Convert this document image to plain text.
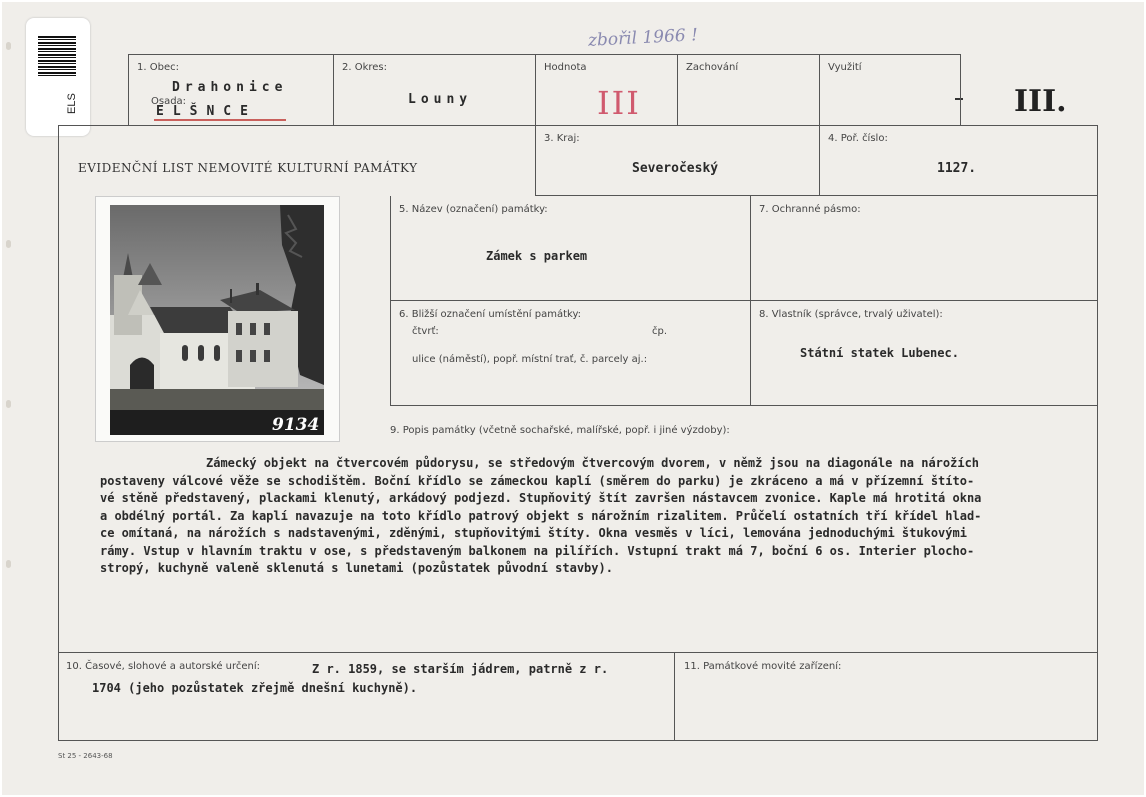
ELS
zbořil 1966 !
III.
1. Obec:
Drahonice
Osada:
ELŠNCE
2. Okres:
Louny
Hodnota
III
Zachování	Využití
EVIDENČNÍ LIST NEMOVITÉ KULTURNÍ PAMÁTKY
3. Kraj:
Severočeský
4. Poř. číslo:
1127.
9134
5. Název (označení) památky:
Zámek s parkem
7. Ochranné pásmo:
6. Bližší označení umístění památky:
čtvrť:	čp.
ulice (náměstí), popř. místní trať, č. parcely aj.:
8. Vlastník (správce, trvalý uživatel):
Státní statek Lubenec.
9. Popis památky (včetně sochařské, malířské, popř. i jiné výzdoby):
Zámecký objekt na čtvercovém půdorysu, se středovým čtvercovým dvorem, v němž jsou na diagonále na nárožích
postaveny válcové věže se schodištěm. Boční křídlo se zámeckou kaplí (směrem do parku) je zkráceno a má v přízemní štíto-
vé stěně představený, plackami klenutý, arkádový podjezd. Stupňovitý štít završen nástavcem zvonice. Kaple má hrotitá okna
a obdélný portál. Za kaplí navazuje na toto křídlo patrový objekt s nárožním rizalitem. Průčelí ostatních tří křídel hlad-
ce omítaná, na nárožích s nadstavenými, zděnými, stupňovitými štíty. Okna vesměs v líci, lemována jednoduchými štukovými
rámy. Vstup v hlavním traktu v ose, s představeným balkonem na pilířích. Vstupní trakt má 7, boční 6 os. Interier plocho-
stropý, kuchyně valeně sklenutá s lunetami (pozůstatek původní stavby).
10. Časové, slohové a autorské určení:	Z r. 1859, se starším jádrem, patrně z r.
1704 (jeho pozůstatek zřejmě dnešní kuchyně).
11. Památkové movité zařízení:
St 25 - 2643-68
